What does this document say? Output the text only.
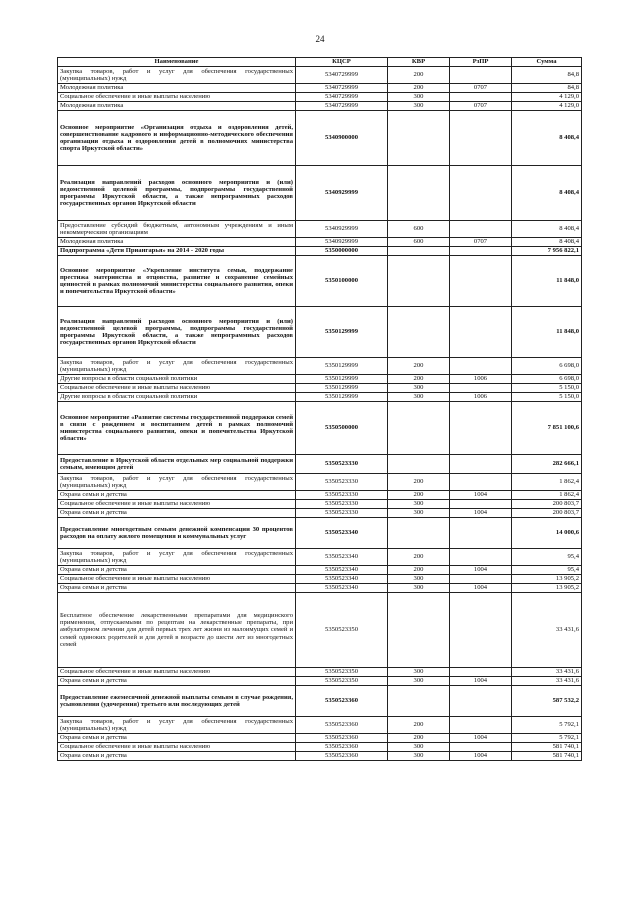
24
Наименование	КЦСР	КВР	РзПР	Сумма
Закупка товаров, работ и услуг для обеспечения государственных (муниципальных) нужд	5340729999	200		84,8
Молодежная политика	5340729999	200	0707	84,8
Социальное обеспечение и иные выплаты населению	5340729999	300		4 129,0
Молодежная политика	5340729999	300	0707	4 129,0
Основное мероприятие «Организация отдыха и оздоровления детей, совершенствование кадрового и информационно-методического обеспечения организации отдыха и оздоровления детей в полномочиях министерства спорта Иркутской области»	5340900000			8 408,4
Реализация направлений расходов основного мероприятия и (или) ведомственной целевой программы, подпрограммы государственной программы Иркутской области, а также непрограммных расходов государственных органов Иркутской области	5340929999			8 408,4
Предоставление субсидий бюджетным, автономным учреждениям и иным некоммерческим организациям	5340929999	600		8 408,4
Молодежная политика	5340929999	600	0707	8 408,4
Подпрограмма «Дети Приангарья» на 2014 - 2020 годы	5350000000			7 956 822,1
Основное мероприятие «Укрепление института семьи, поддержание престижа материнства и отцовства, развитие и сохранение семейных ценностей в рамках полномочий министерства социального развития, опеки и попечительства Иркутской области»	5350100000			11 848,0
Реализация направлений расходов основного мероприятия и (или) ведомственной целевой программы, подпрограммы государственной программы Иркутской области, а также непрограммных расходов государственных органов Иркутской области	5350129999			11 848,0
Закупка товаров, работ и услуг для обеспечения государственных (муниципальных) нужд	5350129999	200		6 698,0
Другие вопросы в области социальной политики	5350129999	200	1006	6 698,0
Социальное обеспечение и иные выплаты населению	5350129999	300		5 150,0
Другие вопросы в области социальной политики	5350129999	300	1006	5 150,0
Основное мероприятие «Развитие системы государственной поддержки семей в связи с рождением и воспитанием детей в рамках полномочий министерства социального развития, опеки и попечительства Иркутской области»	5350500000			7 851 100,6
Предоставление в Иркутской области отдельных мер социальной поддержки семьям, имеющим детей	5350523330			282 666,1
Закупка товаров, работ и услуг для обеспечения государственных (муниципальных) нужд	5350523330	200		1 862,4
Охрана семьи и детства	5350523330	200	1004	1 862,4
Социальное обеспечение и иные выплаты населению	5350523330	300		200 803,7
Охрана семьи и детства	5350523330	300	1004	200 803,7
Предоставление многодетным семьям денежной компенсации 30 процентов расходов на оплату жилого помещения и коммунальных услуг	5350523340			14 000,6
Закупка товаров, работ и услуг для обеспечения государственных (муниципальных) нужд	5350523340	200		95,4
Охрана семьи и детства	5350523340	200	1004	95,4
Социальное обеспечение и иные выплаты населению	5350523340	300		13 905,2
Охрана семьи и детства	5350523340	300	1004	13 905,2
Бесплатное обеспечение лекарственными препаратами для медицинского применения, отпускаемыми по рецептам на лекарственные препараты, при амбулаторном лечении для детей первых трех лет жизни из малоимущих семей и семей одиноких родителей и для детей в возрасте до шести лет из многодетных семей	5350523350			33 431,6
Социальное обеспечение и иные выплаты населению	5350523350	300		33 431,6
Охрана семьи и детства	5350523350	300	1004	33 431,6
Предоставление ежемесячной денежной выплаты семьям в случае рождения, усыновления (удочерения) третьего или последующих детей	5350523360			587 532,2
Закупка товаров, работ и услуг для обеспечения государственных (муниципальных) нужд	5350523360	200		5 792,1
Охрана семьи и детства	5350523360	200	1004	5 792,1
Социальное обеспечение и иные выплаты населению	5350523360	300		581 740,1
Охрана семьи и детства	5350523360	300	1004	581 740,1
